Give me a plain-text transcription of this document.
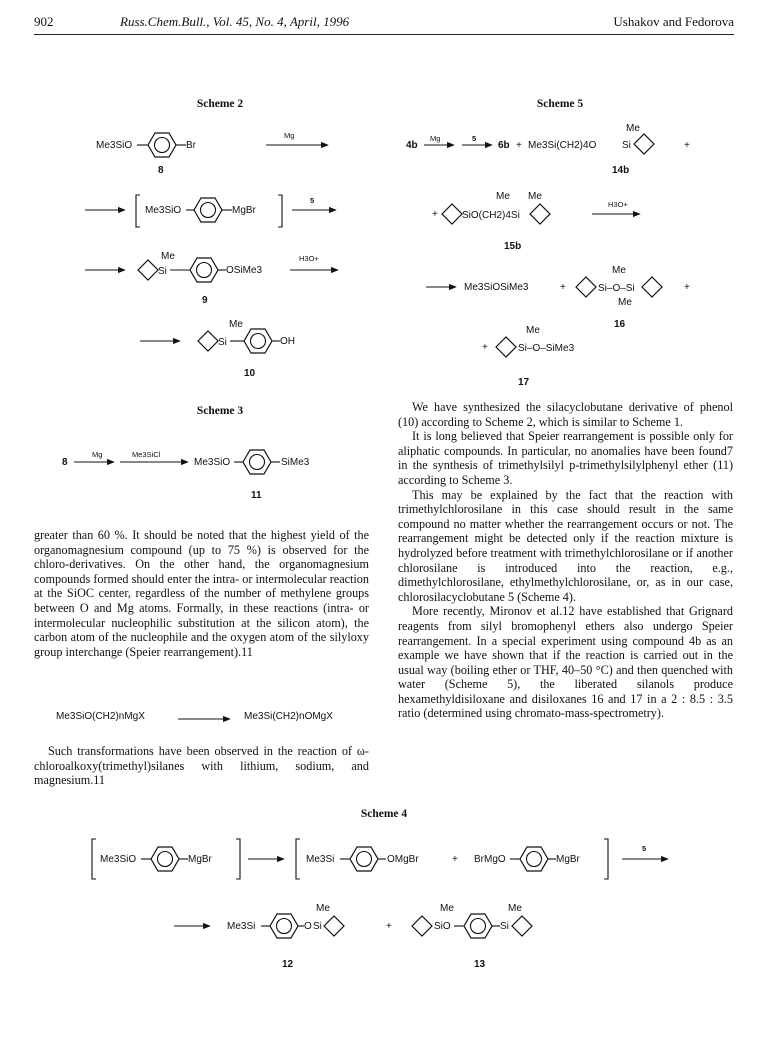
902	Russ.Chem.Bull., Vol. 45, No. 4, April, 1996	Ushakov and Fedorova
Scheme 2
Me3SiO	Br
Mg
8
Me3SiO	MgBr
5
Me
Si	OSiMe3
H3O+
9
Me
Si	OH
10
Scheme 3
8
Mg	Me3SiCl
Me3SiO	SiMe3
11
Scheme 5
4b
Mg	5
6b + Me3Si(CH2)4O	Si
Me
+
14b
+
Me Me
SiO(CH2)4Si
H3O+
15b
Me3SiOSiMe3	+
Me
Si–O–Si
Me
+
16
+
Me
Si–O–SiMe3
17

We have synthesized the silacyclobutane derivative of phenol (10) according to Scheme 2, which is similar to Scheme 1.

It is long believed that Speier rearrangement is possible only for aliphatic compounds. In particular, no anomalies have been found7 in the synthesis of trimethylsilyl p-trimethylsilylphenyl ether (11) according to Scheme 3.

This may be explained by the fact that the reaction with trimethylchlorosilane in this case should result in the same compound no matter whether the rearrangement occurs or not. The rearrangement might be detected only if the reaction mixture is hydrolyzed before treatment with trimethylchlorosilane or if another chlorosilane is introduced into the reaction, e.g., dimethylchlorosilane, ethylmethylchlorosilane, or, as in our case, chlorosilacyclobutane 5 (Scheme 4).

More recently, Mironov et al.12 have established that Grignard reagents from silyl bromophenyl ethers also undergo Speier rearrangement. In a special experiment using compound 4b as an example we have shown that if the reaction is carried out in the usual way (boiling ether or THF, 40–50 °C) and then quenched with water (Scheme 5), the liberated silanols produce hexamethyldisiloxane and disiloxanes 16 and 17 in a 2 : 8.5 : 3.5 ratio (determined using chromato-mass-spectrometry).

greater than 60 %. It should be noted that the highest yield of the organomagnesium compound (up to 75 %) is observed for the chloro-derivatives. On the other hand, the organomagnesium compounds formed should enter the intra- or intermolecular reaction at the SiOC center, regardless of the number of methylene groups between O and Mg atoms. Formally, in these reactions (intra- or intermolecular nucleophilic substitution at the silicon atom), the carbon atom of the nucleophile and the oxygen atom of the silyloxy group interchange (Speier rearrangement).11

Me3SiO(CH2)nMgX	Me3Si(CH2)nOMgX

Such transformations have been observed in the reaction of ω-chloroalkoxy(trimethyl)silanes with lithium, sodium, and magnesium.11

Scheme 4
Me3SiO	MgBr	Me3Si	OMgBr	+ BrMgO	MgBr
5
Me3Si	O Si
Me
+
Me
SiO	Si
Me
12	13
